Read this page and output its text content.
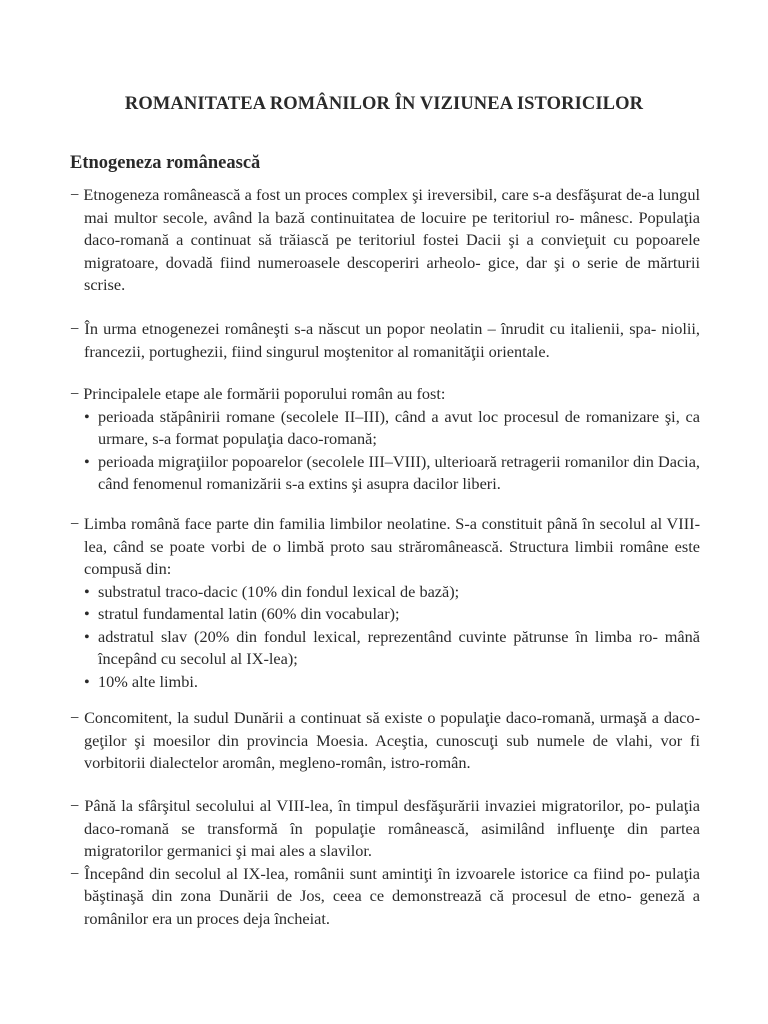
ROMANITATEA ROMÂNILOR ÎN VIZIUNEA ISTORICILOR
Etnogeneza românească
− Etnogeneza românească a fost un proces complex şi ireversibil, care s-a desfăşurat de-a lungul mai multor secole, având la bază continuitatea de locuire pe teritoriul ro- mânesc. Populaţia daco-romană a continuat să trăiască pe teritoriul fostei Dacii şi a convieţuit cu popoarele migratoare, dovadă fiind numeroasele descoperiri arheolo- gice, dar şi o serie de mărturii scrise.
− În urma etnogenezei româneşti s-a născut un popor neolatin – înrudit cu italienii, spa- niolii, francezii, portughezii, fiind singurul moştenitor al romanităţii orientale.
− Principalele etape ale formării poporului român au fost:
• perioada stăpânirii romane (secolele II–III), când a avut loc procesul de romanizare şi, ca urmare, s-a format populaţia daco-romană;
• perioada migraţiilor popoarelor (secolele III–VIII), ulterioară retragerii romanilor din Dacia, când fenomenul romanizării s-a extins şi asupra dacilor liberi.
− Limba română face parte din familia limbilor neolatine. S-a constituit până în secolul al VIII-lea, când se poate vorbi de o limbă proto sau străromânească. Structura limbii române este compusă din:
• substratul traco-dacic (10% din fondul lexical de bază);
• stratul fundamental latin (60% din vocabular);
• adstratul slav (20% din fondul lexical, reprezentând cuvinte pătrunse în limba ro- mână începând cu secolul al IX-lea);
• 10% alte limbi.
− Concomitent, la sudul Dunării a continuat să existe o populaţie daco-romană, urmaşă a daco-geţilor şi moesilor din provincia Moesia. Aceştia, cunoscuţi sub numele de vlahi, vor fi vorbitorii dialectelor aromân, megleno-român, istro-român.
− Până la sfârşitul secolului al VIII-lea, în timpul desfăşurării invaziei migratorilor, po- pulaţia daco-romană se transformă în populaţie românească, asimilând influenţe din partea migratorilor germanici şi mai ales a slavilor.
− Începând din secolul al IX-lea, românii sunt amintiţi în izvoarele istorice ca fiind po- pulaţia băştinaşă din zona Dunării de Jos, ceea ce demonstrează că procesul de etno- geneză a românilor era un proces deja încheiat.
